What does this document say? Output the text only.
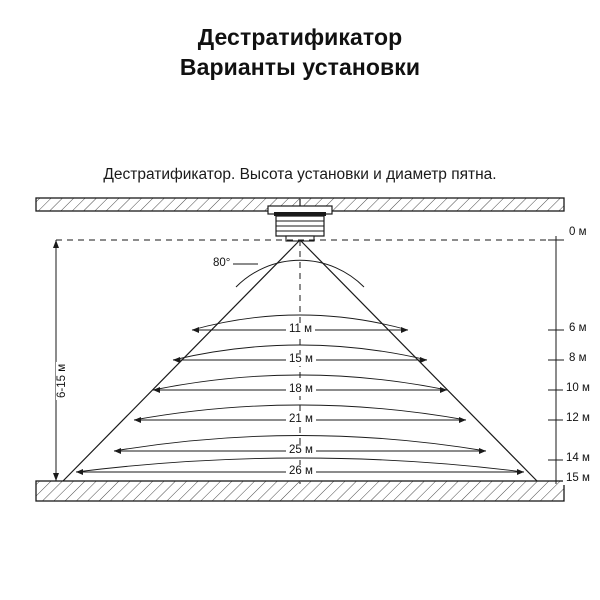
Дестратификатор
Варианты установки
Дестратификатор. Высота установки и диаметр пятна.
80°
6-15 м
11 м
15 м
18 м
21 м
25 м
26 м
0 м
6 м
8 м
10 м
12 м
14 м
15 м
